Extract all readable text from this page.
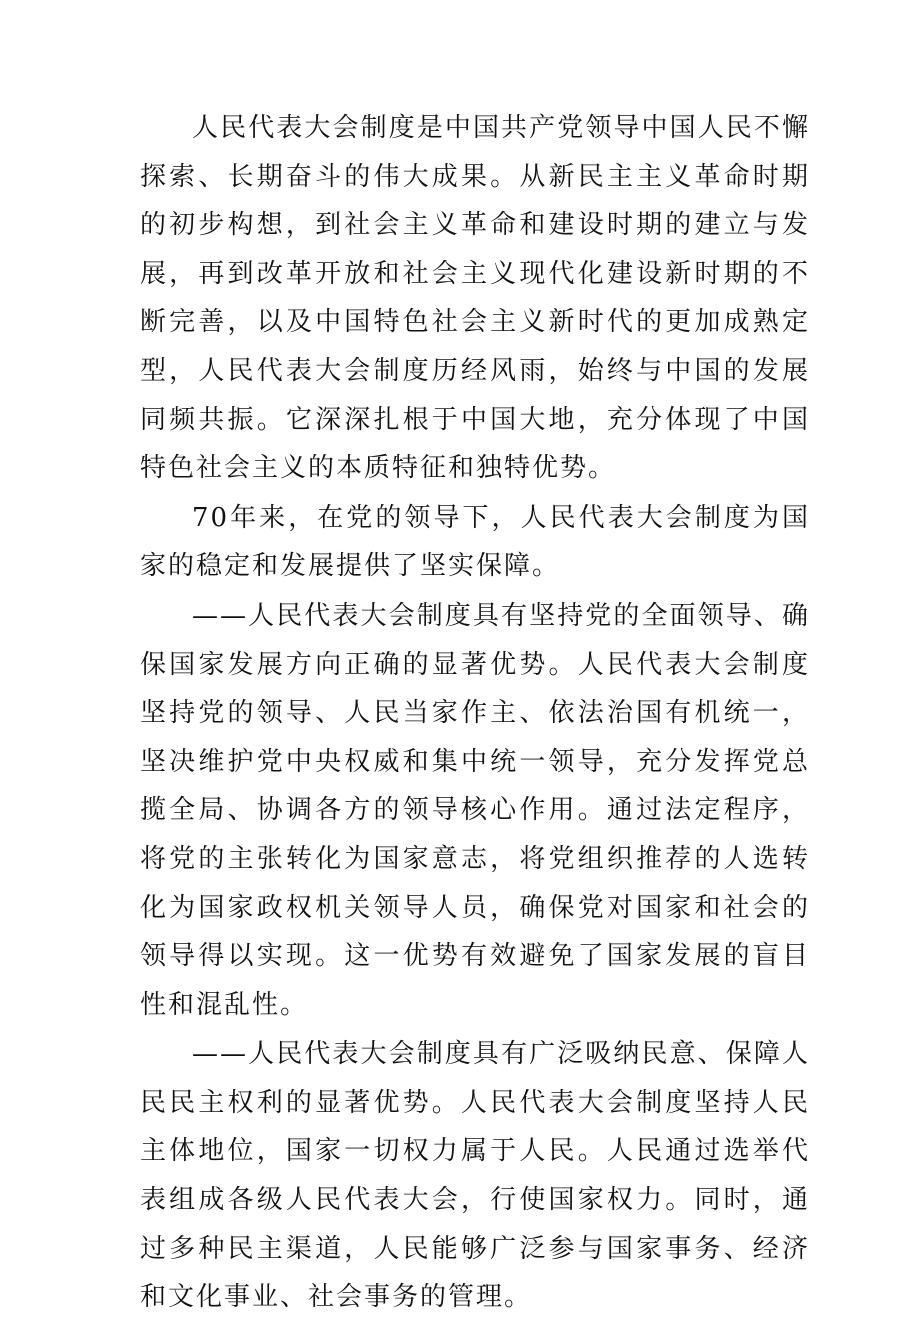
人民代表大会制度是中国共产党领导中国人民不懈探索、长期奋斗的伟大成果。从新民主主义革命时期的初步构想，到社会主义革命和建设时期的建立与发展，再到改革开放和社会主义现代化建设新时期的不断完善，以及中国特色社会主义新时代的更加成熟定型，人民代表大会制度历经风雨，始终与中国的发展同频共振。它深深扎根于中国大地，充分体现了中国特色社会主义的本质特征和独特优势。

70年来，在党的领导下，人民代表大会制度为国家的稳定和发展提供了坚实保障。

——人民代表大会制度具有坚持党的全面领导、确保国家发展方向正确的显著优势。人民代表大会制度坚持党的领导、人民当家作主、依法治国有机统一，坚决维护党中央权威和集中统一领导，充分发挥党总揽全局、协调各方的领导核心作用。通过法定程序，将党的主张转化为国家意志，将党组织推荐的人选转化为国家政权机关领导人员，确保党对国家和社会的领导得以实现。这一优势有效避免了国家发展的盲目性和混乱性。

——人民代表大会制度具有广泛吸纳民意、保障人民民主权利的显著优势。人民代表大会制度坚持人民主体地位，国家一切权力属于人民。人民通过选举代表组成各级人民代表大会，行使国家权力。同时，通过多种民主渠道，人民能够广泛参与国家事务、经济和文化事业、社会事务的管理。
